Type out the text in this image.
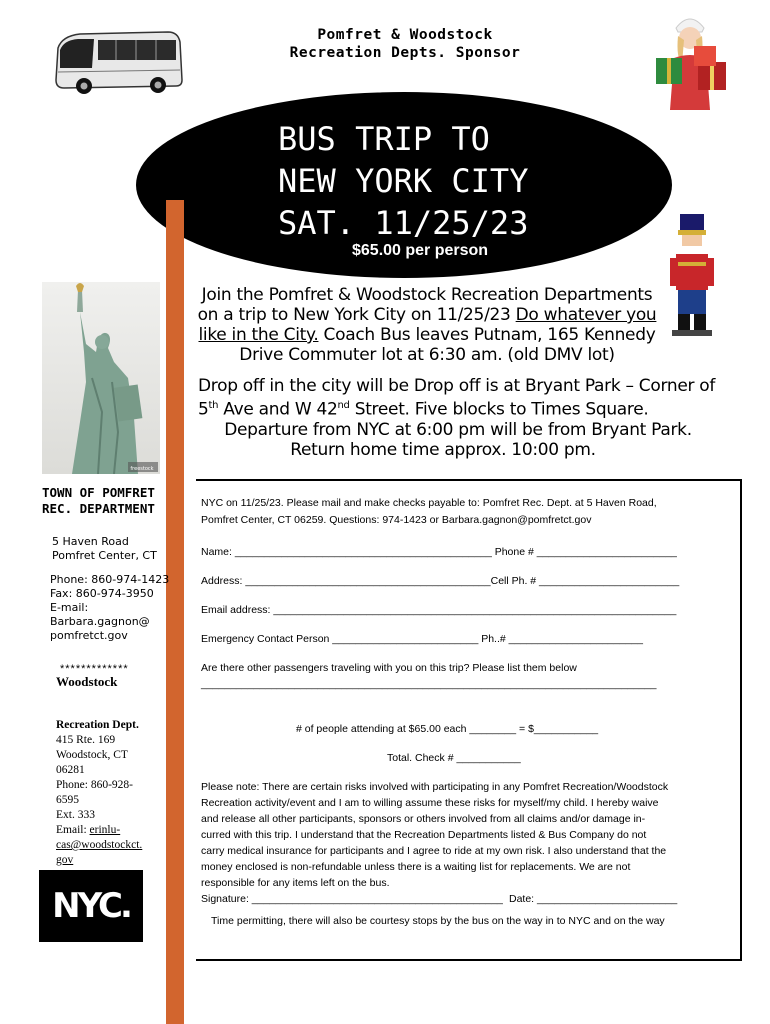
Pomfret & Woodstock
Recreation Depts. Sponsor
BUS TRIP TO
NEW YORK CITY
SAT. 11/25/23
$65.00 per person
freestock
Join the Pomfret & Woodstock Recreation Departments on a trip to New York City on 11/25/23 Do whatever you like in the City. Coach Bus leaves Putnam, 165 Kennedy Drive Commuter lot at 6:30 am. (old DMV lot)
Drop off in the city will be Drop off is at Bryant Park – Corner of
5th Ave and W 42nd Street. Five blocks to Times Square.
Departure from NYC at 6:00 pm will be from Bryant Park.
Return home time approx. 10:00 pm.
TOWN OF POMFRET
REC. DEPARTMENT
5 Haven Road
Pomfret Center, CT
Phone: 860-974-1423
Fax: 860-974-3950
E-mail:
Barbara.gagnon@
pomfretct.gov
*************
Woodstock
Recreation Dept.
415 Rte. 169
Woodstock, CT
06281
Phone: 860-928-
6595
Ext. 333
Email: erinlu-
cas@woodstockct.
gov
NYC.
NYC on 11/25/23. Please mail and make checks payable to: Pomfret Rec. Dept. at 5 Haven Road,
Pomfret Center, CT 06259. Questions: 974-1423 or Barbara.gagnon@pomfretct.gov
Name: ____________________________________________ Phone # ________________________
Address: __________________________________________Cell Ph. # ________________________
Email address: _____________________________________________________________________
Emergency Contact Person _________________________ Ph..# _______________________
Are there other passengers traveling with you on this trip? Please list them below
______________________________________________________________________________
# of people attending at $65.00 each ________ = $___________
Total. Check # ___________
Please note: There are certain risks involved with participating in any Pomfret Recreation/Woodstock
Recreation activity/event and I am to willing assume these risks for myself/my child. I hereby waive
and release all other participants, sponsors or others involved from all claims and/or damage in-
curred with this trip. I understand that the Recreation Departments listed & Bus Company do not
carry medical insurance for participants and I agree to ride at my own risk. I also understand that the
money enclosed is non-refundable unless there is a waiting list for replacements. We are not
responsible for any items left on the bus.
Signature: ___________________________________________ Date: ________________________
Time permitting, there will also be courtesy stops by the bus on the way in to NYC and on the way
